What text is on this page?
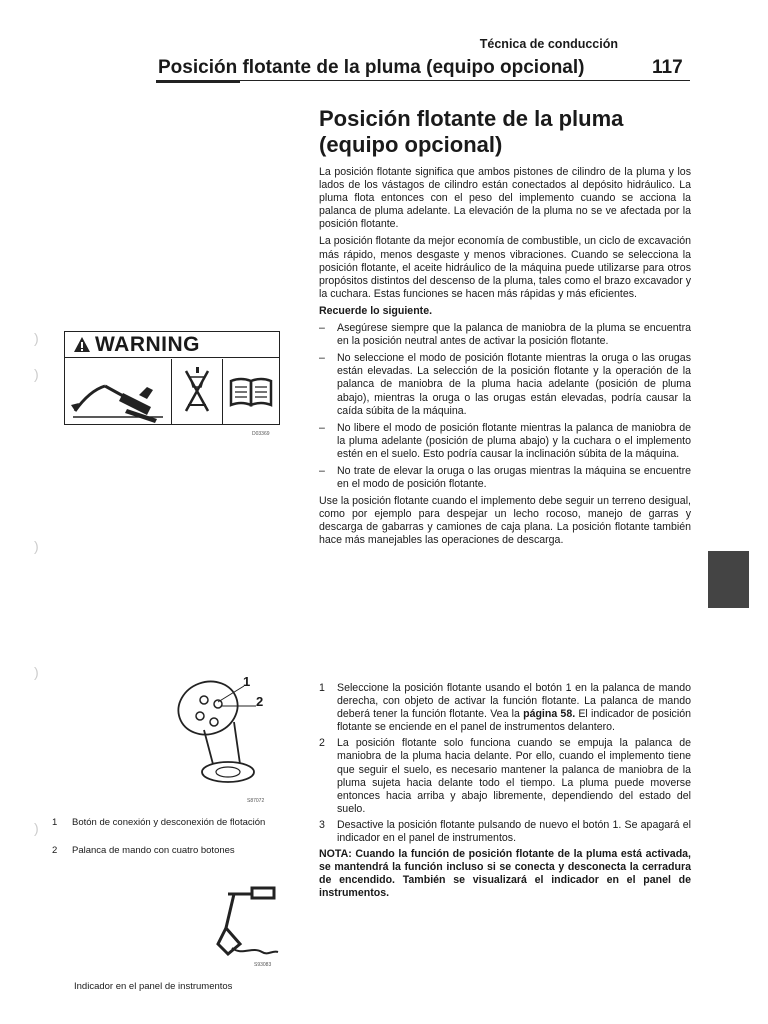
Técnica de conducción
Posición flotante de la pluma (equipo opcional)	117
)
)
)
)
)
Posición flotante de la pluma
(equipo opcional)

La posición flotante significa que ambos pistones de cilindro de la pluma y los lados de los vástagos de cilindro están conectados al depósito hidráulico. La pluma flota entonces con el peso del implemento cuando se acciona la palanca de pluma adelante. La elevación de la pluma no se ve afectada por la posición flotante.

La posición flotante da mejor economía de combustible, un ciclo de excavación más rápido, menos desgaste y menos vibraciones. Cuando se selecciona la posición flotante, el aceite hidráulico de la máquina puede utilizarse para otros propósitos distintos del descenso de la pluma, tales como el brazo excavador y la cuchara. Estas funciones se hacen más rápidas y más eficientes.

Recuerde lo siguiente.

– Asegúrese siempre que la palanca de maniobra de la pluma se encuentra en la posición neutral antes de activar la posición flotante.
– No seleccione el modo de posición flotante mientras la oruga o las orugas están elevadas. La selección de la posición flotante y la operación de la palanca de maniobra de la pluma hacia adelante (posición de pluma abajo), mientras la oruga o las orugas están elevadas, podría causar la caída súbita de la máquina.
– No libere el modo de posición flotante mientras la palanca de maniobra de la pluma adelante (posición de pluma abajo) y la cuchara o el implemento estén en el suelo. Esto podría causar la inclinación súbita de la máquina.
– No trate de elevar la oruga o las orugas mientras la máquina se encuentre en el modo de posición flotante.

Use la posición flotante cuando el implemento debe seguir un terreno desigual, como por ejemplo para despejar un lecho rocoso, manejo de garras y descarga de gabarras y camiones de caja plana. La posición flotante también hace más manejables las operaciones de descarga.

1 Seleccione la posición flotante usando el botón 1 en la palanca de mando derecha, con objeto de activar la función flotante. La palanca de mando deberá tener la función flotante. Vea la página 58. El indicador de posición flotante se enciende en el panel de instrumentos delantero.
2 La posición flotante solo funciona cuando se empuja la palanca de maniobra de la pluma hacia delante. Por ello, cuando el implemento tiene que seguir el suelo, es necesario mantener la palanca de maniobra de la pluma sujeta hacia delante todo el tiempo. La pluma puede moverse entonces hacia arriba y abajo libremente, dependiendo del estado del suelo.
3 Desactive la posición flotante pulsando de nuevo el botón 1. Se apagará el indicador en el panel de instrumentos.

NOTA: Cuando la función de posición flotante de la pluma está activada, se mantendrá la función incluso si se conecta y desconecta la cerradura de encendido. También se visualizará el indicador en el panel de instrumentos.

WARNING
D03369
1
2
S87072
1 Botón de conexión y desconexión de flotación
2 Palanca de mando con cuatro botones
S93083
Indicador en el panel de instrumentos
